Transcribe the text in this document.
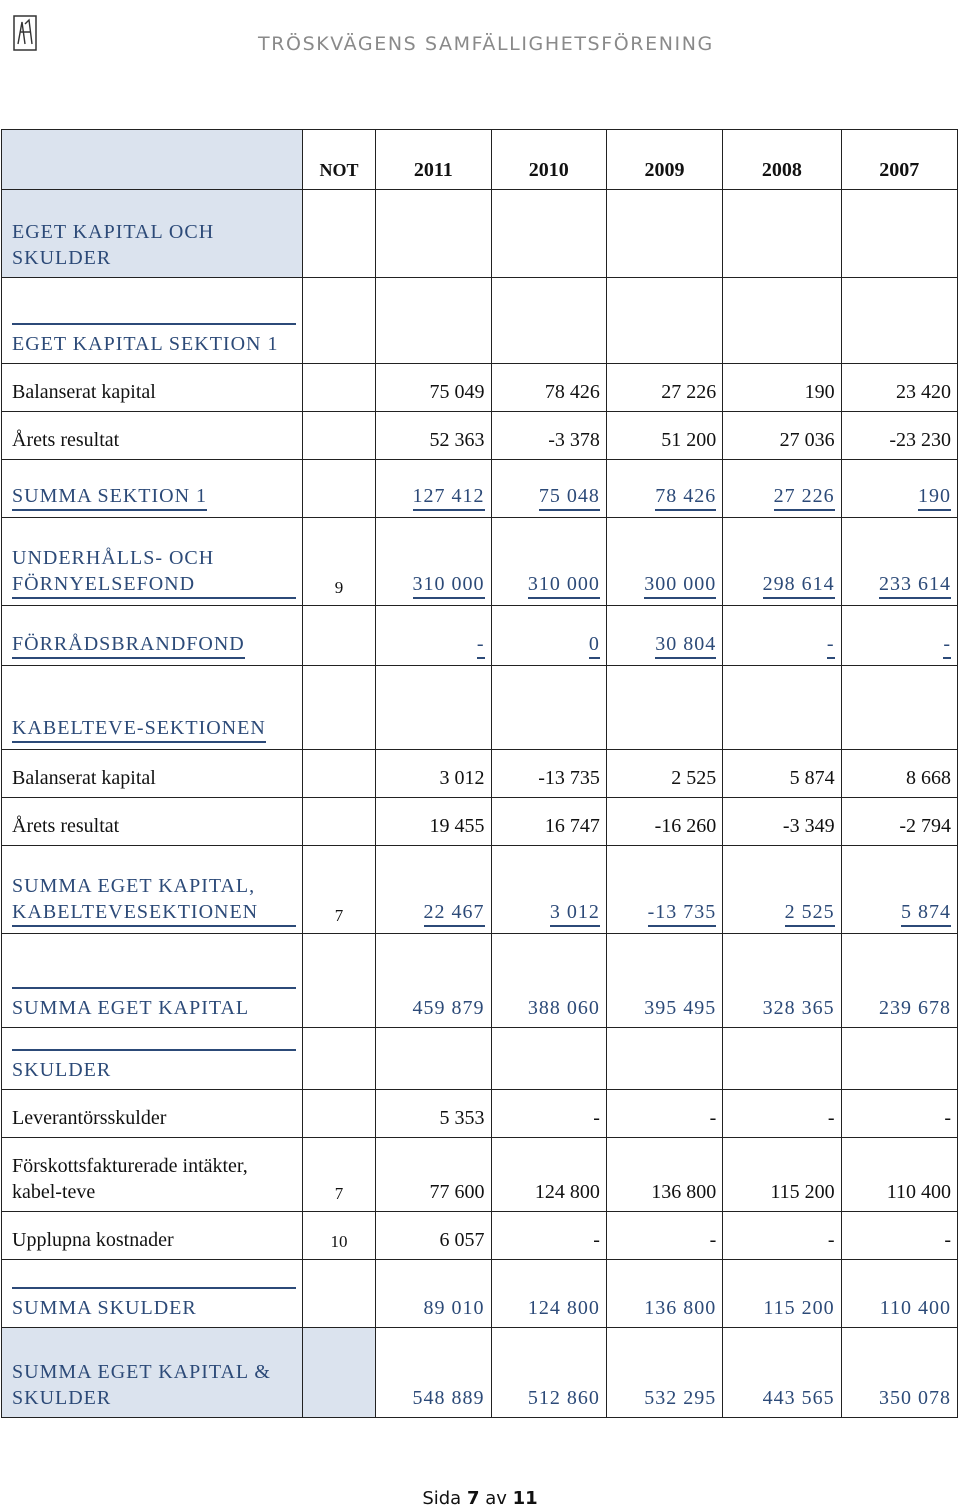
TRÖSKVÄGENS SAMFÄLLIGHETSFÖRENING
	NOT	2011	2010	2009	2008	2007
EGET KAPITAL OCH SKULDER						

EGET KAPITAL SEKTION 1						

Balanserat kapital		75 049	78 426	27 226	190	23 420
Årets resultat		52 363	-3 378	51 200	27 036	-23 230
SUMMA SEKTION 1		127 412	75 048	78 426	27 226	190
UNDERHÅLLS- OCH FÖRNYELSEFOND	9	310 000	310 000	300 000	298 614	233 614
FÖRRÅDSBRANDFOND		-	0	30 804	-	-
KABELTEVE-SEKTIONEN						
Balanserat kapital		3 012	-13 735	2 525	5 874	8 668
Årets resultat		19 455	16 747	-16 260	-3 349	-2 794
SUMMA EGET KAPITAL, KABELTEVESEKTIONEN	7	22 467	3 012	-13 735	2 525	5 874

SUMMA EGET KAPITAL		459 879	388 060	395 495	328 365	239 678

SKULDER						

Leverantörsskulder		5 353	-	-	-	-
Förskottsfakturerade intäkter, kabel-teve	7	77 600	124 800	136 800	115 200	110 400
Upplupna kostnader	10	6 057	-	-	-	-

SUMMA SKULDER		89 010	124 800	136 800	115 200	110 400
SUMMA EGET KAPITAL & SKULDER		548 889	512 860	532 295	443 565	350 078
Sida 7 av 11
